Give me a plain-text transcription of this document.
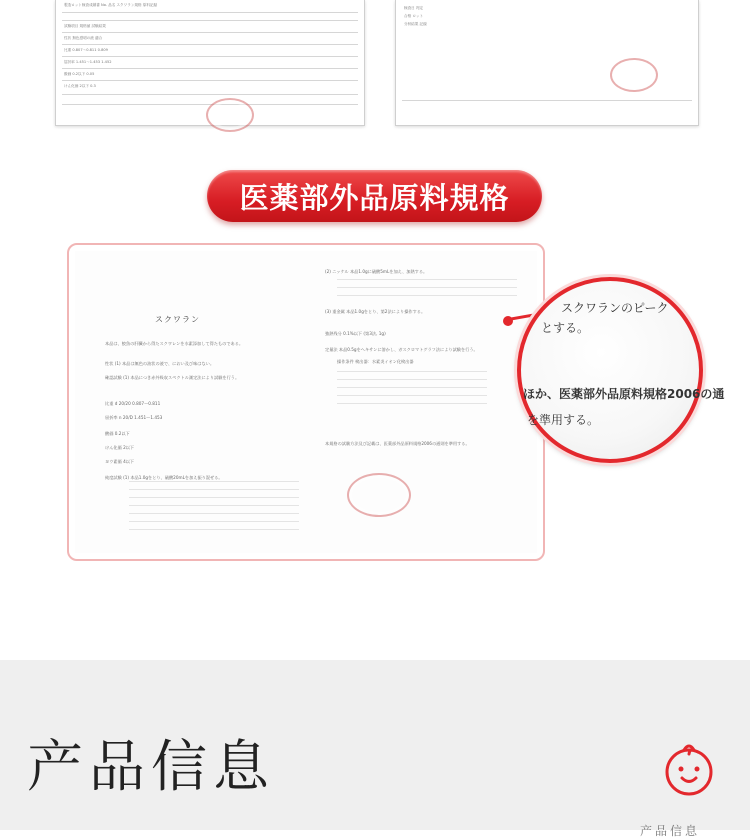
製造ロット検査成績書 No. 品名 スクワラン規格 原料記録
試験項目 規格値 試験結果
性状 無色澄明の液 適合
比重 0.807～0.811 0.809
屈折率 1.451～1.453 1.452
酸価 0.2以下 0.05
けん化価 2以下 0.3
検査日 判定
合格 ロット
分析結果 記録
医薬部外品原料規格
スクワラン
本品は、鮫魚の肝臓から得たスクワレンを水素添加して得たものである。
性状 (1) 本品は無色の油状の液で、におい及び味はない。
確認試験 (1) 本品につき赤外吸収スペクトル測定法により試験を行う。
比重 d 20/20 0.807～0.811
屈折率 n 20/D 1.451～1.453
酸価 0.2以下
けん化価 2以下
ヨウ素価 4以下
純度試験 (1) 本品1.0gをとり、硫酸20mLを加え振り混ぜる。
(2) ニッケル 本品1.0gに硫酸5mLを加え、加熱する。
(3) 重金属 本品1.0gをとり、第2法により操作する。
強熱残分 0.1%以下 (第3法, 1g)
定量法 本品0.5gをヘキサンに溶かし、ガスクロマトグラフ法により試験を行う。
操作条件 検出器：水素炎イオン化検出器
本規格の試験方法及び記載は、医薬部外品原料規格2006の通則を準用する。
スクワランのピーク
とする。
ほか、医薬部外品原料規格2006の通
を準用する。
产品信息
产品信息
